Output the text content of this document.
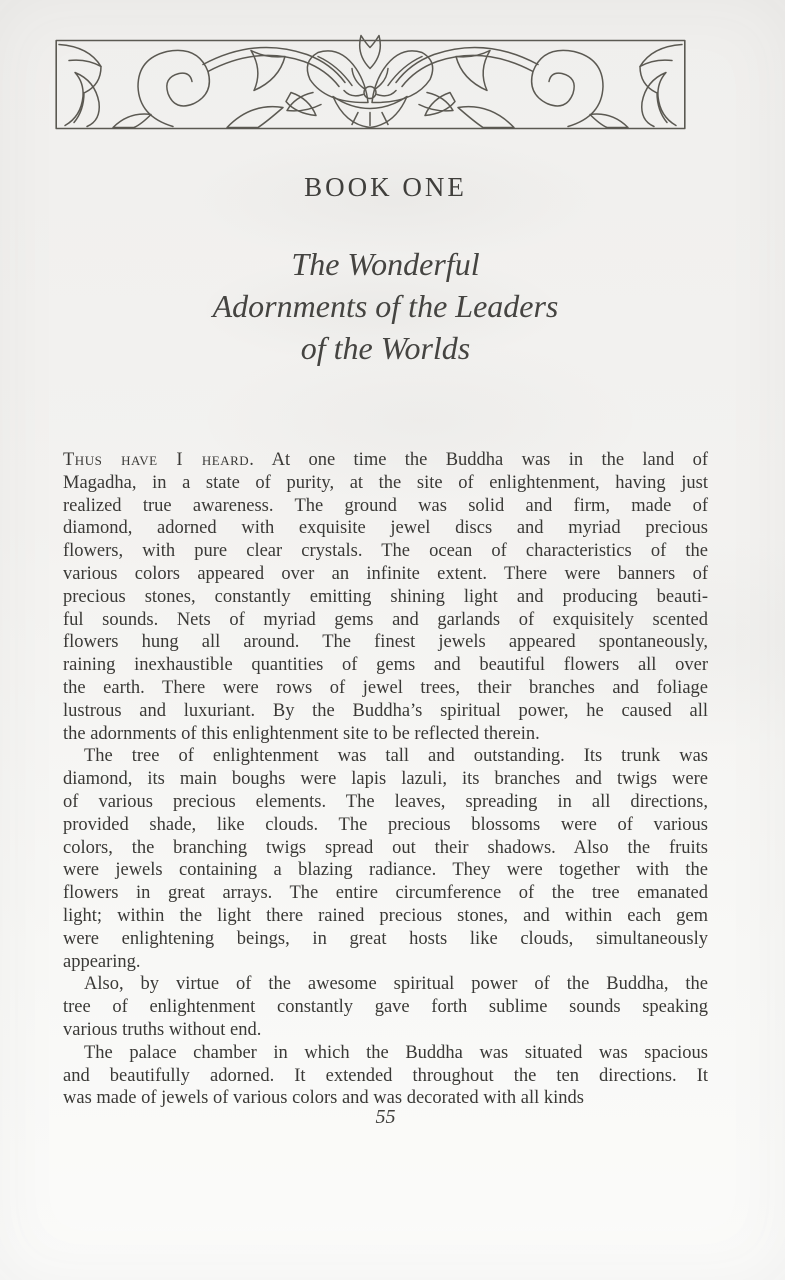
BOOK ONE
The Wonderful
Adornments of the Leaders
of the Worlds
Thus have I heard. At one time the Buddha was in the land of
Magadha, in a state of purity, at the site of enlightenment, having just
realized true awareness. The ground was solid and firm, made of
diamond, adorned with exquisite jewel discs and myriad precious
flowers, with pure clear crystals. The ocean of characteristics of the
various colors appeared over an infinite extent. There were banners of
precious stones, constantly emitting shining light and producing beauti-
ful sounds. Nets of myriad gems and garlands of exquisitely scented
flowers hung all around. The finest jewels appeared spontaneously,
raining inexhaustible quantities of gems and beautiful flowers all over
the earth. There were rows of jewel trees, their branches and foliage
lustrous and luxuriant. By the Buddha’s spiritual power, he caused all
the adornments of this enlightenment site to be reflected therein.
The tree of enlightenment was tall and outstanding. Its trunk was
diamond, its main boughs were lapis lazuli, its branches and twigs were
of various precious elements. The leaves, spreading in all directions,
provided shade, like clouds. The precious blossoms were of various
colors, the branching twigs spread out their shadows. Also the fruits
were jewels containing a blazing radiance. They were together with the
flowers in great arrays. The entire circumference of the tree emanated
light; within the light there rained precious stones, and within each gem
were enlightening beings, in great hosts like clouds, simultaneously
appearing.
Also, by virtue of the awesome spiritual power of the Buddha, the
tree of enlightenment constantly gave forth sublime sounds speaking
various truths without end.
The palace chamber in which the Buddha was situated was spacious
and beautifully adorned. It extended throughout the ten directions. It
was made of jewels of various colors and was decorated with all kinds
55
